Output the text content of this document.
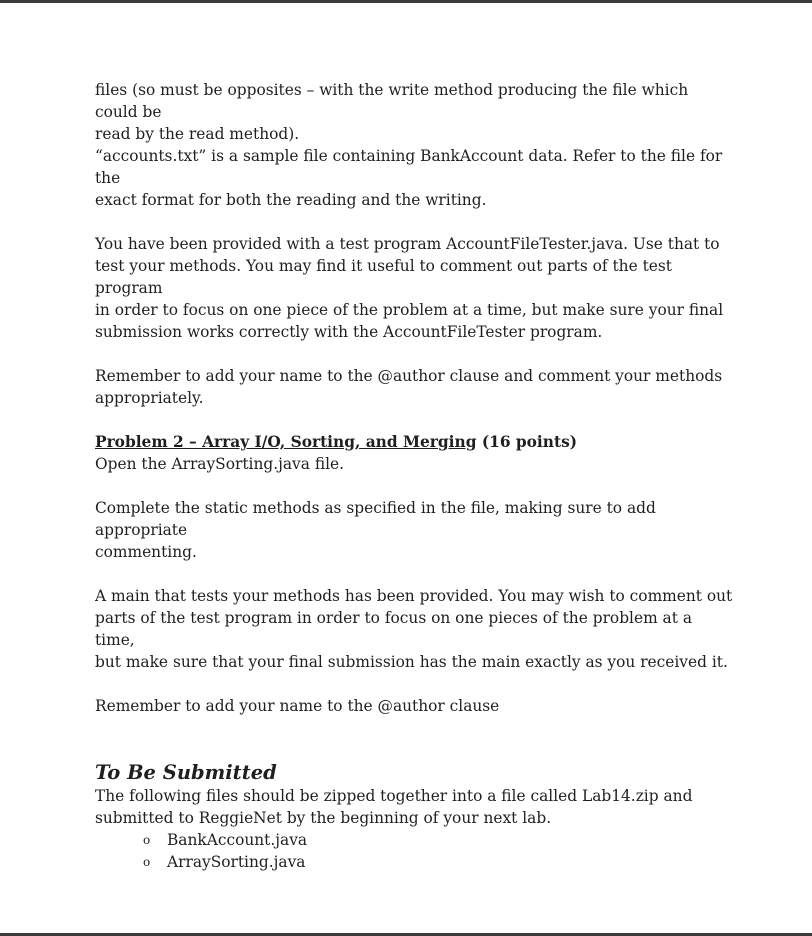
files (so must be opposites – with the write method producing the file which could be
read by the read method).
“accounts.txt” is a sample file containing BankAccount data. Refer to the file for the
exact format for both the reading and the writing.
You have been provided with a test program AccountFileTester.java. Use that to
test your methods. You may find it useful to comment out parts of the test program
in order to focus on one piece of the problem at a time, but make sure your final
submission works correctly with the AccountFileTester program.
Remember to add your name to the @author clause and comment your methods
appropriately.
Problem 2 – Array I/O, Sorting, and Merging (16 points)
Open the ArraySorting.java file.
Complete the static methods as specified in the file, making sure to add appropriate
commenting.
A main that tests your methods has been provided. You may wish to comment out
parts of the test program in order to focus on one pieces of the problem at a time,
but make sure that your final submission has the main exactly as you received it.
Remember to add your name to the @author clause
To Be Submitted
The following files should be zipped together into a file called Lab14.zip and
submitted to ReggieNet by the beginning of your next lab.
o BankAccount.java
o ArraySorting.java
